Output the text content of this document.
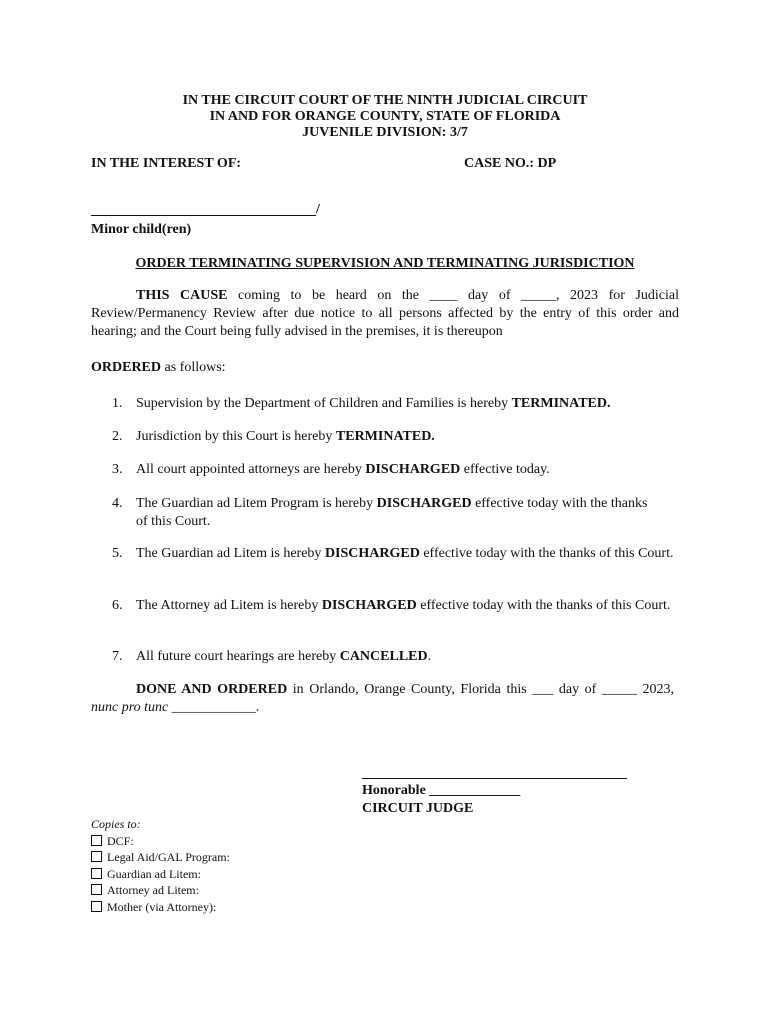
IN THE CIRCUIT COURT OF THE NINTH JUDICIAL CIRCUIT
IN AND FOR ORANGE COUNTY, STATE OF FLORIDA
JUVENILE DIVISION: 3/7
IN THE INTEREST OF:	CASE NO.: DP
/
Minor child(ren)
ORDER TERMINATING SUPERVISION AND TERMINATING JURISDICTION
THIS CAUSE coming to be heard on the ____ day of _____, 2023 for Judicial Review/Permanency Review after due notice to all persons affected by the entry of this order and hearing; and the Court being fully advised in the premises, it is thereupon
ORDERED as follows:
1. Supervision by the Department of Children and Families is hereby TERMINATED.
2. Jurisdiction by this Court is hereby TERMINATED.
3. All court appointed attorneys are hereby DISCHARGED effective today.
4. The Guardian ad Litem Program is hereby DISCHARGED effective today with the thanks of this Court.
5. The Guardian ad Litem is hereby DISCHARGED effective today with the thanks of this Court.
6. The Attorney ad Litem is hereby DISCHARGED effective today with the thanks of this Court.
7. All future court hearings are hereby CANCELLED.
DONE AND ORDERED in Orlando, Orange County, Florida this ___ day of _____ 2023, nunc pro tunc ____________.
Honorable _____________
CIRCUIT JUDGE
Copies to:
DCF:
Legal Aid/GAL Program:
Guardian ad Litem:
Attorney ad Litem:
Mother (via Attorney):
